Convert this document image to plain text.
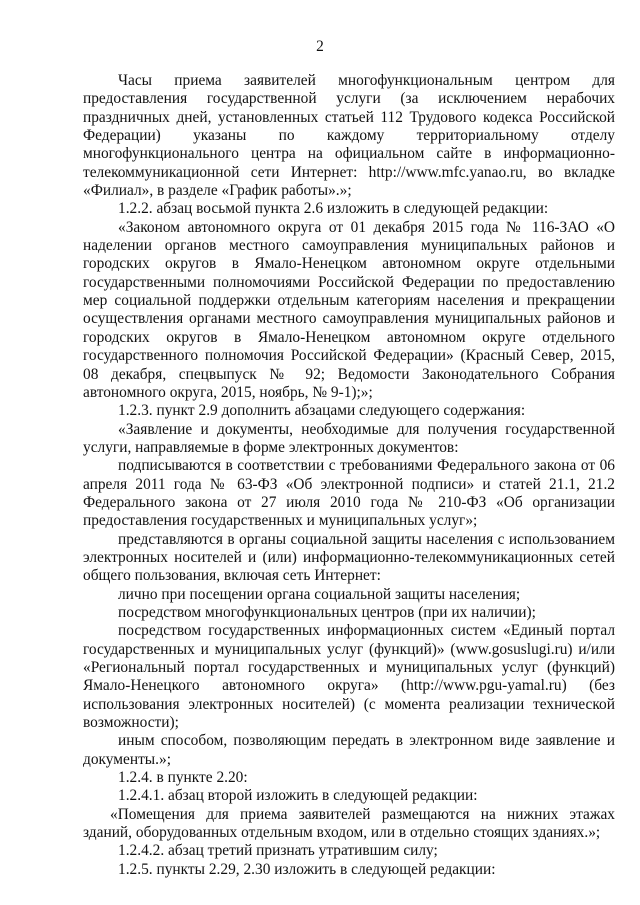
2

Часы приема заявителей многофункциональным центром для предоставления государственной услуги (за исключением нерабочих праздничных дней, установленных статьей 112 Трудового кодекса Российской Федерации) указаны по каждому территориальному отделу многофункционального центра на официальном сайте в информационно-телекоммуникационной сети Интернет: http://www.mfc.yanao.ru, во вкладке «Филиал», в разделе «График работы».»;

1.2.2. абзац восьмой пункта 2.6 изложить в следующей редакции:

«Законом автономного округа от 01 декабря 2015 года № 116-ЗАО «О наделении органов местного самоуправления муниципальных районов и городских округов в Ямало-Ненецком автономном округе отдельными государственными полномочиями Российской Федерации по предоставлению мер социальной поддержки отдельным категориям населения и прекращении осуществления органами местного самоуправления муниципальных районов и городских округов в Ямало-Ненецком автономном округе отдельного государственного полномочия Российской Федерации» (Красный Север, 2015, 08 декабря, спецвыпуск № 92; Ведомости Законодательного Собрания автономного округа, 2015, ноябрь, № 9-1);»;

1.2.3. пункт 2.9 дополнить абзацами следующего содержания:

«Заявление и документы, необходимые для получения государственной услуги, направляемые в форме электронных документов:

подписываются в соответствии с требованиями Федерального закона от 06 апреля 2011 года № 63-ФЗ «Об электронной подписи» и статей 21.1, 21.2 Федерального закона от 27 июля 2010 года № 210-ФЗ «Об организации предоставления государственных и муниципальных услуг»;

представляются в органы социальной защиты населения с использованием электронных носителей и (или) информационно-телекоммуникационных сетей общего пользования, включая сеть Интернет:

лично при посещении органа социальной защиты населения;

посредством многофункциональных центров (при их наличии);

посредством государственных информационных систем «Единый портал государственных и муниципальных услуг (функций)» (www.gosuslugi.ru) и/или «Региональный портал государственных и муниципальных услуг (функций) Ямало-Ненецкого автономного округа» (http://www.pgu-yamal.ru) (без использования электронных носителей) (с момента реализации технической возможности);

иным способом, позволяющим передать в электронном виде заявление и документы.»;

1.2.4. в пункте 2.20:

1.2.4.1. абзац второй изложить в следующей редакции:

«Помещения для приема заявителей размещаются на нижних этажах зданий, оборудованных отдельным входом, или в отдельно стоящих зданиях.»;

1.2.4.2. абзац третий признать утратившим силу;

1.2.5. пункты 2.29, 2.30 изложить в следующей редакции:
